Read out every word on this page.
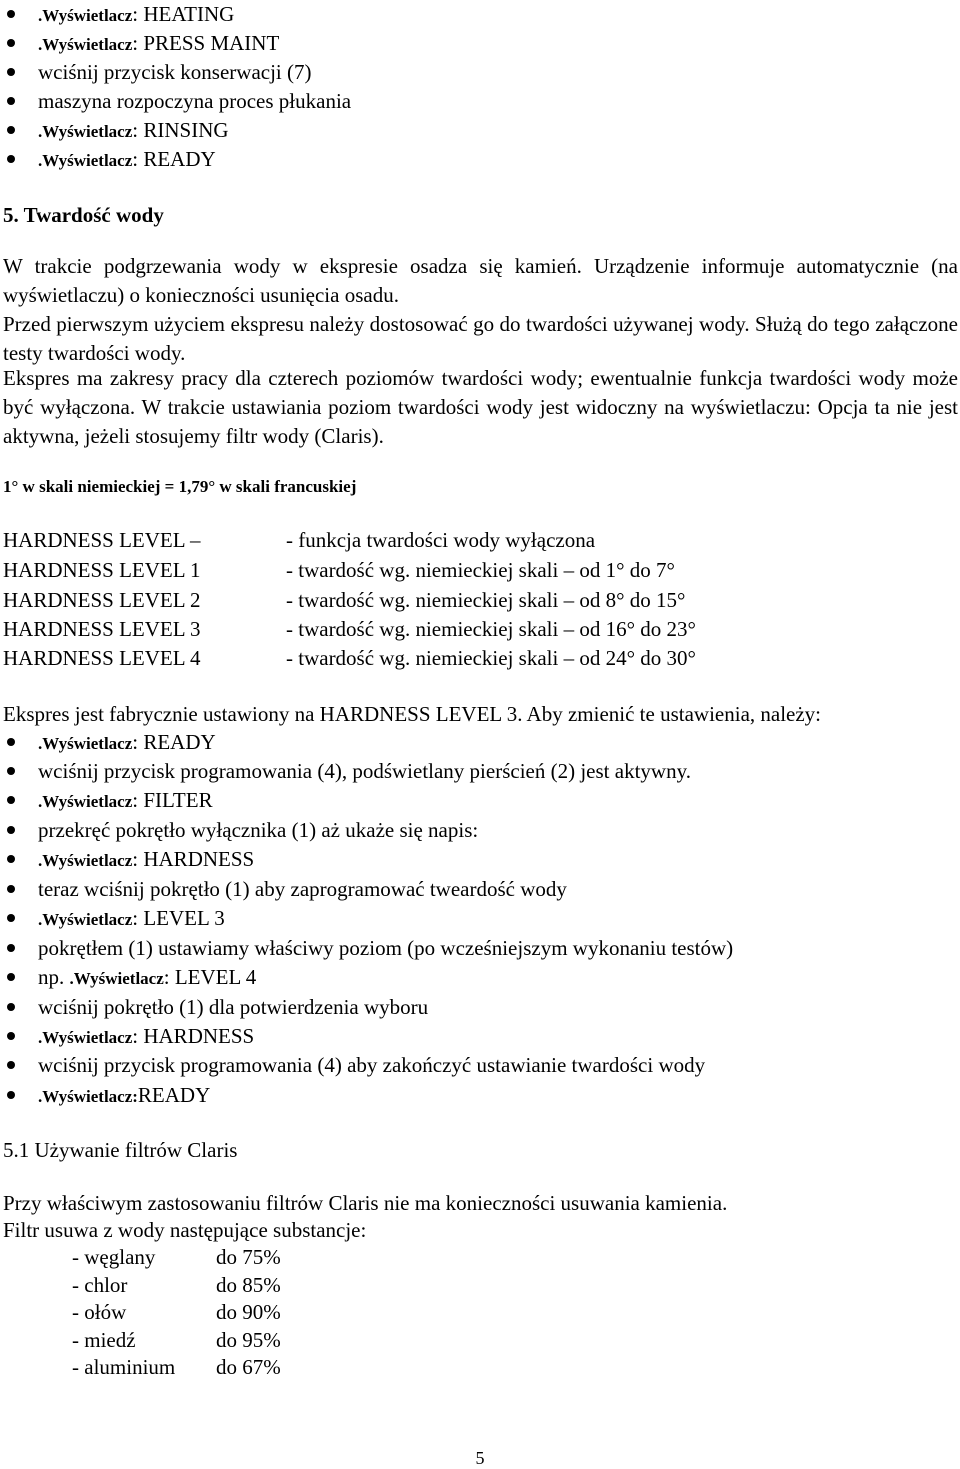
.Wyświetlacz: HEATING
.Wyświetlacz: PRESS MAINT
wciśnij przycisk konserwacji (7)
maszyna rozpoczyna proces płukania
.Wyświetlacz: RINSING
.Wyświetlacz: READY
5. Twardość wody
W trakcie podgrzewania wody w ekspresie osadza się kamień. Urządzenie informuje automatycznie (na wyświetlaczu) o konieczności usunięcia osadu.
Przed pierwszym użyciem ekspresu należy dostosować go do twardości używanej wody. Służą do tego załączone testy twardości wody.
Ekspres ma zakresy pracy dla czterech poziomów twardości wody; ewentualnie funkcja twardości wody może być wyłączona. W trakcie ustawiania poziom twardości wody jest widoczny na wyświetlaczu: Opcja ta nie jest aktywna, jeżeli stosujemy filtr wody (Claris).
1° w skali niemieckiej = 1,79° w skali francuskiej
HARDNESS LEVEL –	- funkcja twardości wody wyłączona
HARDNESS LEVEL 1	- twardość wg. niemieckiej skali – od 1° do 7°
HARDNESS LEVEL 2	- twardość wg. niemieckiej skali – od 8° do 15°
HARDNESS LEVEL 3	- twardość wg. niemieckiej skali – od 16° do 23°
HARDNESS LEVEL 4	- twardość wg. niemieckiej skali – od 24° do 30°
Ekspres jest fabrycznie ustawiony na HARDNESS LEVEL 3. Aby zmienić te ustawienia, należy:
.Wyświetlacz: READY
wciśnij przycisk programowania (4), podświetlany pierścień (2) jest aktywny.
.Wyświetlacz: FILTER
przekręć pokrętło wyłącznika (1) aż ukaże się napis:
.Wyświetlacz: HARDNESS
teraz wciśnij pokrętło (1) aby zaprogramować tweardość wody
.Wyświetlacz: LEVEL 3
pokrętłem (1) ustawiamy właściwy poziom (po wcześniejszym wykonaniu testów)
np. .Wyświetlacz: LEVEL 4
wciśnij pokrętło (1) dla potwierdzenia wyboru
.Wyświetlacz: HARDNESS
wciśnij przycisk programowania (4) aby zakończyć ustawianie twardości wody
.Wyświetlacz:READY
5.1 Używanie filtrów Claris
Przy właściwym zastosowaniu filtrów Claris nie ma konieczności usuwania kamienia.
Filtr usuwa z wody następujące substancje:
- węglany	do 75%
- chlor	do 85%
- ołów	do 90%
- miedź	do 95%
- aluminium do 67%
5
